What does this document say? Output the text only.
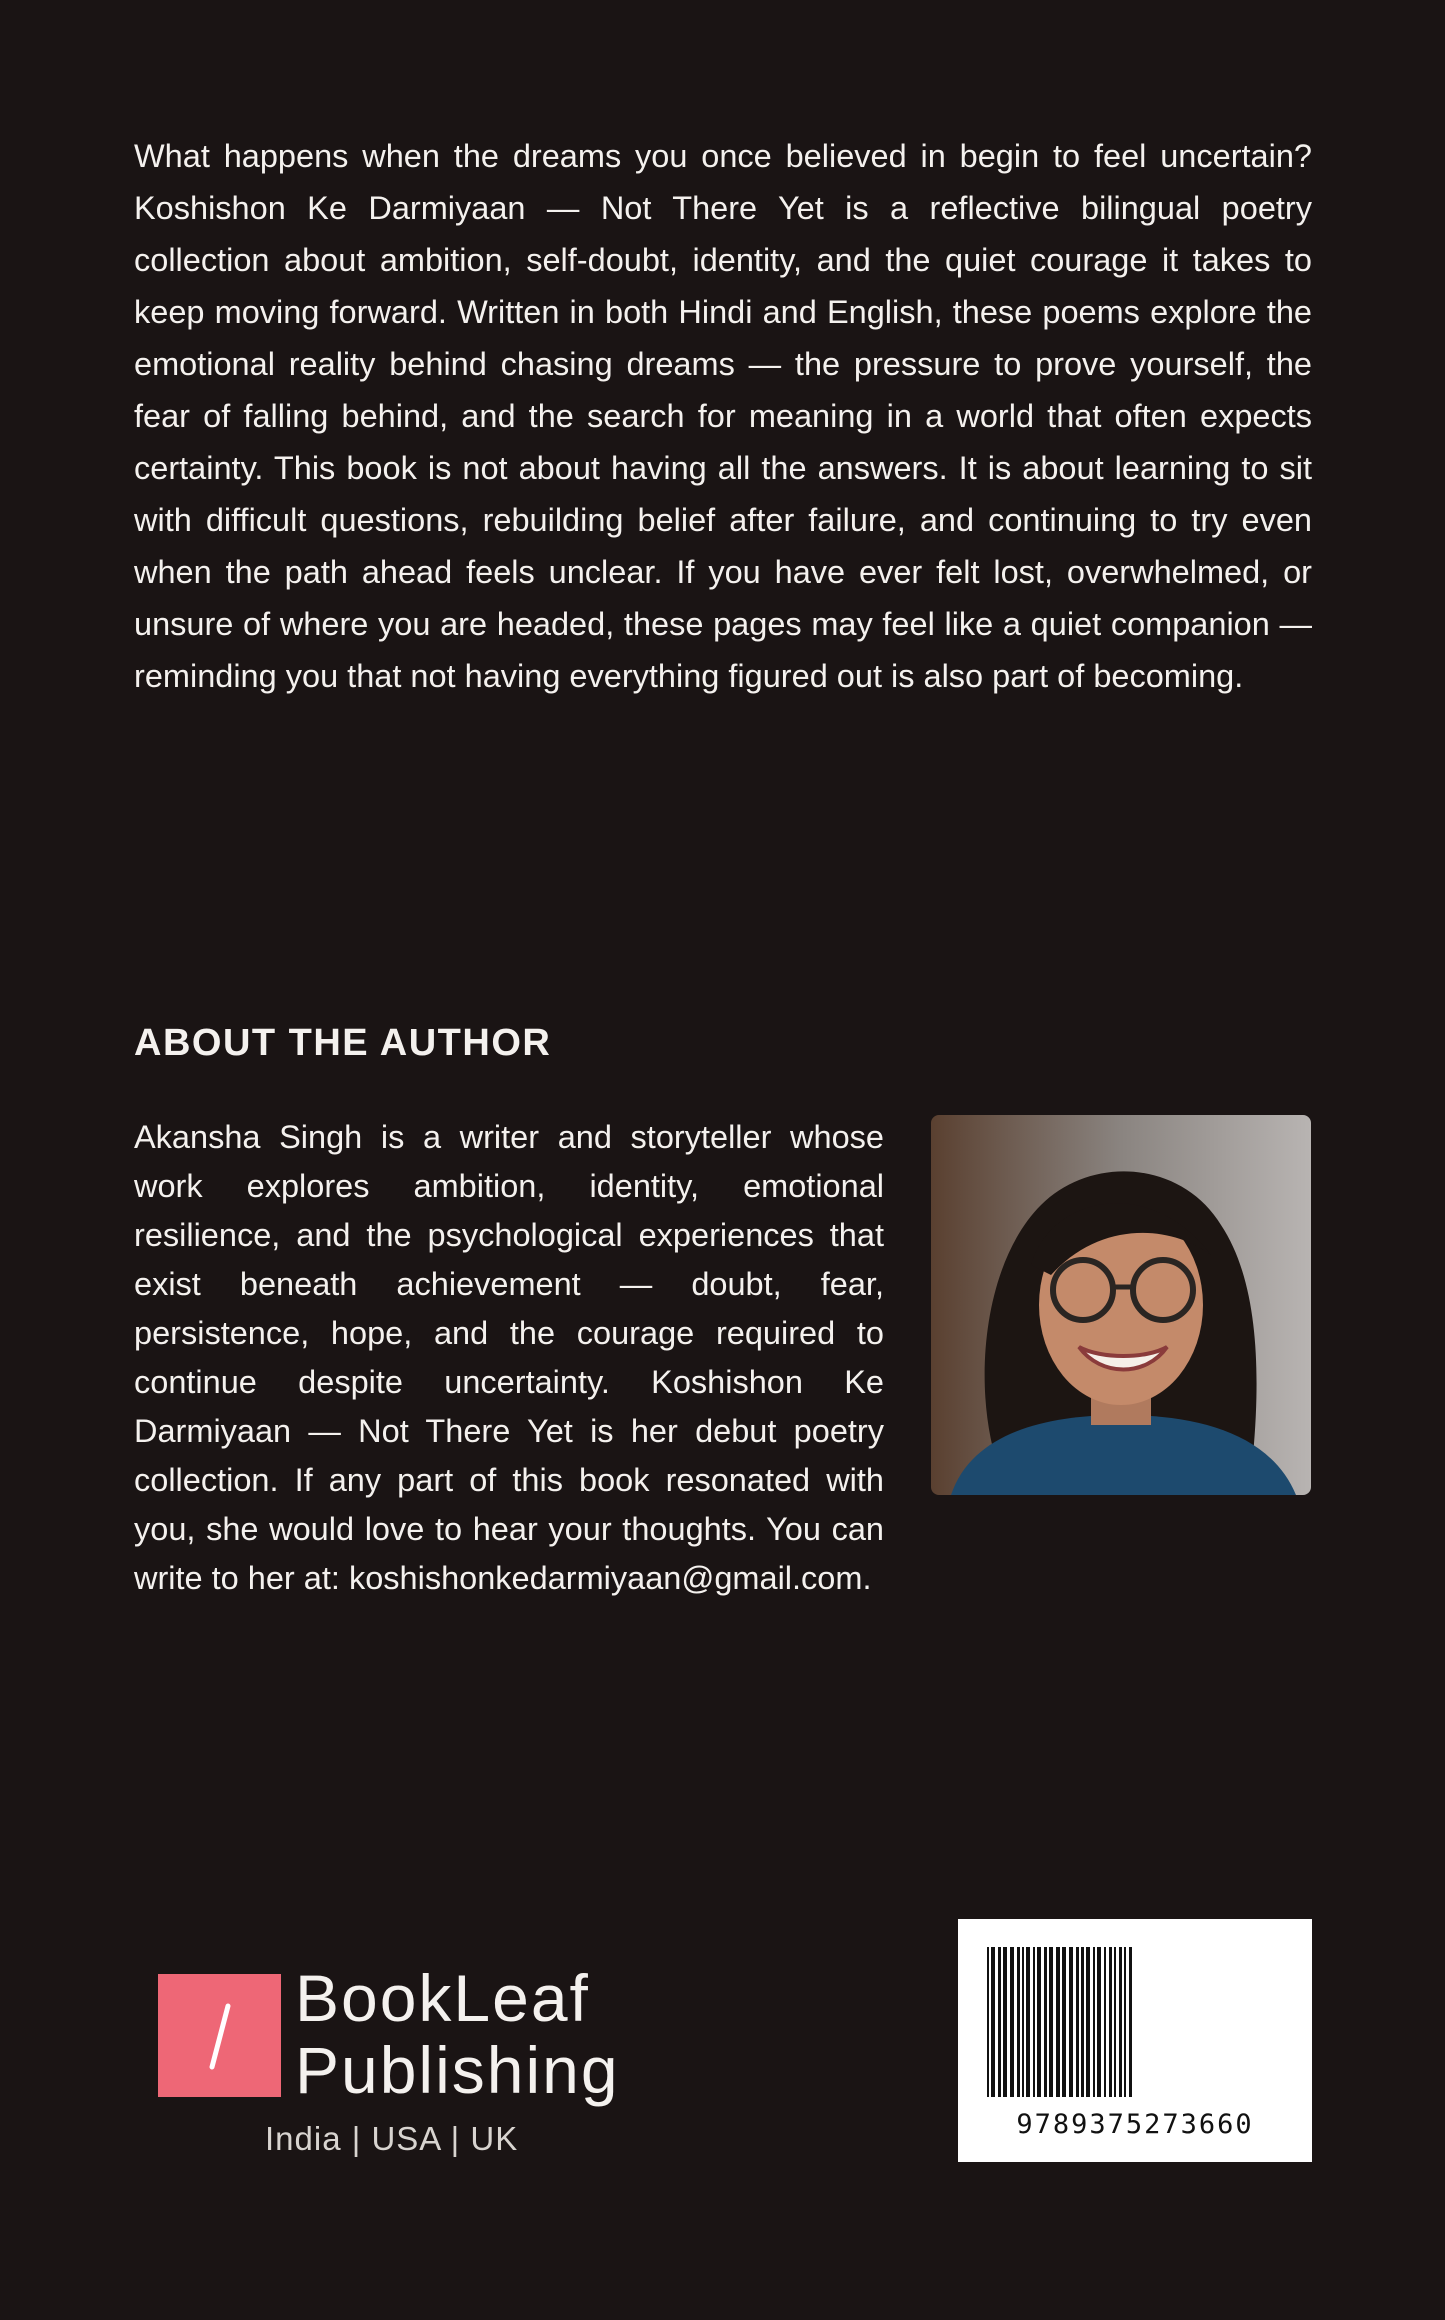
What happens when the dreams you once believed in begin to feel uncertain? Koshishon Ke Darmiyaan — Not There Yet is a reflective bilingual poetry collection about ambition, self-doubt, identity, and the quiet courage it takes to keep moving forward. Written in both Hindi and English, these poems explore the emotional reality behind chasing dreams — the pressure to prove yourself, the fear of falling behind, and the search for meaning in a world that often expects certainty. This book is not about having all the answers. It is about learning to sit with difficult questions, rebuilding belief after failure, and continuing to try even when the path ahead feels unclear. If you have ever felt lost, overwhelmed, or unsure of where you are headed, these pages may feel like a quiet companion — reminding you that not having everything figured out is also part of becoming.

ABOUT THE AUTHOR

Akansha Singh is a writer and storyteller whose work explores ambition, identity, emotional resilience, and the psychological experiences that exist beneath achievement — doubt, fear, persistence, hope, and the courage required to continue despite uncertainty. Koshishon Ke Darmiyaan — Not There Yet is her debut poetry collection. If any part of this book resonated with you, she would love to hear your thoughts. You can write to her at: koshishonkedarmiyaan@gmail.com.

BookLeaf
Publishing
India | USA | UK	9789375273660
